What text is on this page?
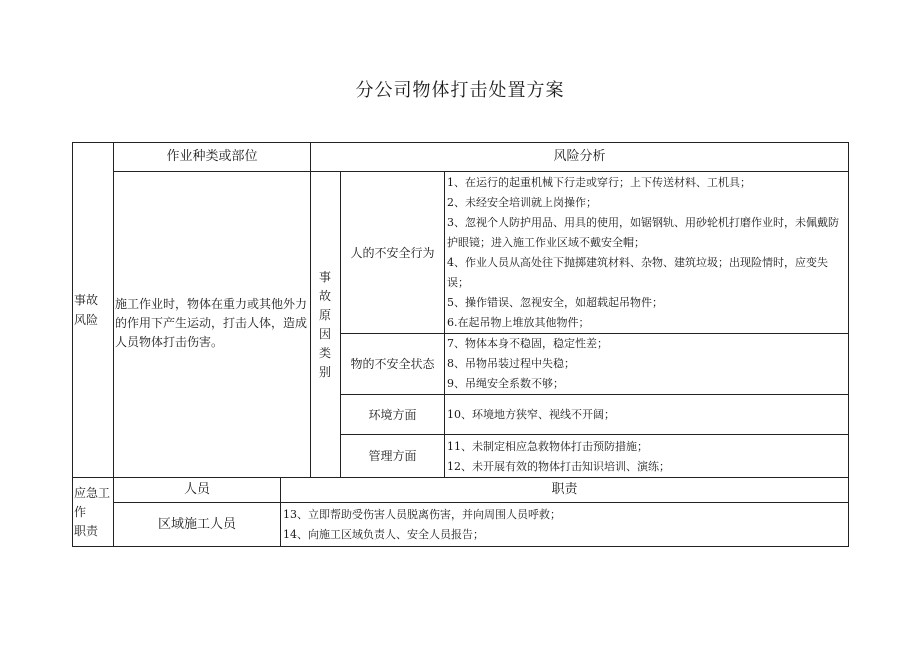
分公司物体打击处置方案
事故
风险
作业种类或部位	风险分析
施工作业时，物体在重力或其他外力的作用下产生运动，打击人体，造成人员物体打击伤害。
事
故
原
因
类
别
人的不安全行为
物的不安全状态
环境方面
管理方面
1、在运行的起重机械下行走或穿行；上下传送材料、工机具；
2、未经安全培训就上岗操作；
3、忽视个人防护用品、用具的使用，如锯钢轨、用砂轮机打磨作业时，未佩戴防护眼镜；进入施工作业区域不戴安全帽；
4、作业人员从高处往下抛掷建筑材料、杂物、建筑垃圾；出现险情时，应变失误；
5、操作错误、忽视安全，如超载起吊物件；
6.在起吊物上堆放其他物件；
7、物体本身不稳固，稳定性差；
8、吊物吊装过程中失稳；
9、吊绳安全系数不够；
10、环境地方狭窄、视线不开阔；
11、未制定相应急救物体打击预防措施；
12、未开展有效的物体打击知识培训、演练；
应急工
作
职责
人员	职责
区域施工人员
13、立即帮助受伤害人员脱离伤害，并向周围人员呼救；
14、向施工区域负责人、安全人员报告；
